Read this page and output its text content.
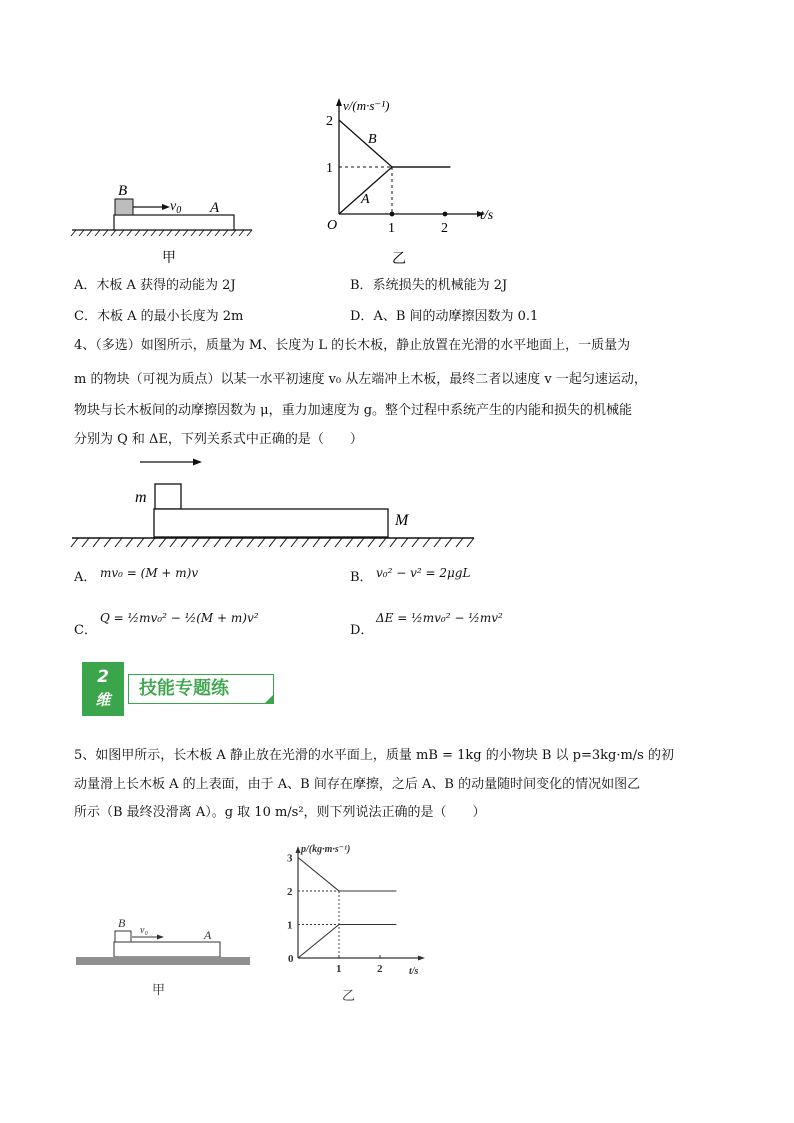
B
$v_0$ A
甲
v/(m·s⁻¹)
t/s
O
2
1
1	2
B
A
乙
A．木板 A 获得的动能为 2J	B．系统损失的机械能为 2J
C．木板 A 的最小长度为 2m	D．A、B 间的动摩擦因数为 0.1
4、（多选）如图所示，质量为 M、长度为 L 的长木板，静止放置在光滑的水平地面上，一质量为
m 的物块（可视为质点）以某一水平初速度 v₀ 从左端冲上木板，最终二者以速度 v 一起匀速运动，
物块与长木板间的动摩擦因数为 μ，重力加速度为 g。整个过程中系统产生的内能和损失的机械能
分别为 Q 和 ΔE，下列关系式中正确的是（　　）
m
M
A． mv₀ = (M + m)v	B． v₀² − v² = 2μgL
C．
Q = ½mv₀² − ½(M + m)v²
D．
ΔE = ½mv₀² − ½mv²
2
维
技能专题练
5、如图甲所示，长木板 A 静止放在光滑的水平面上，质量 mB = 1kg 的小物块 B 以 p=3kg·m/s 的初
动量滑上长木板 A 的上表面，由于 A、B 间存在摩擦，之后 A、B 的动量随时间变化的情况如图乙
所示（B 最终没滑离 A）。g 取 10 m/s²，则下列说法正确的是（　　）
B
v₀	A
甲
p/(kg·m·s⁻¹)
t/s
0
3
2
1
1	2
乙
